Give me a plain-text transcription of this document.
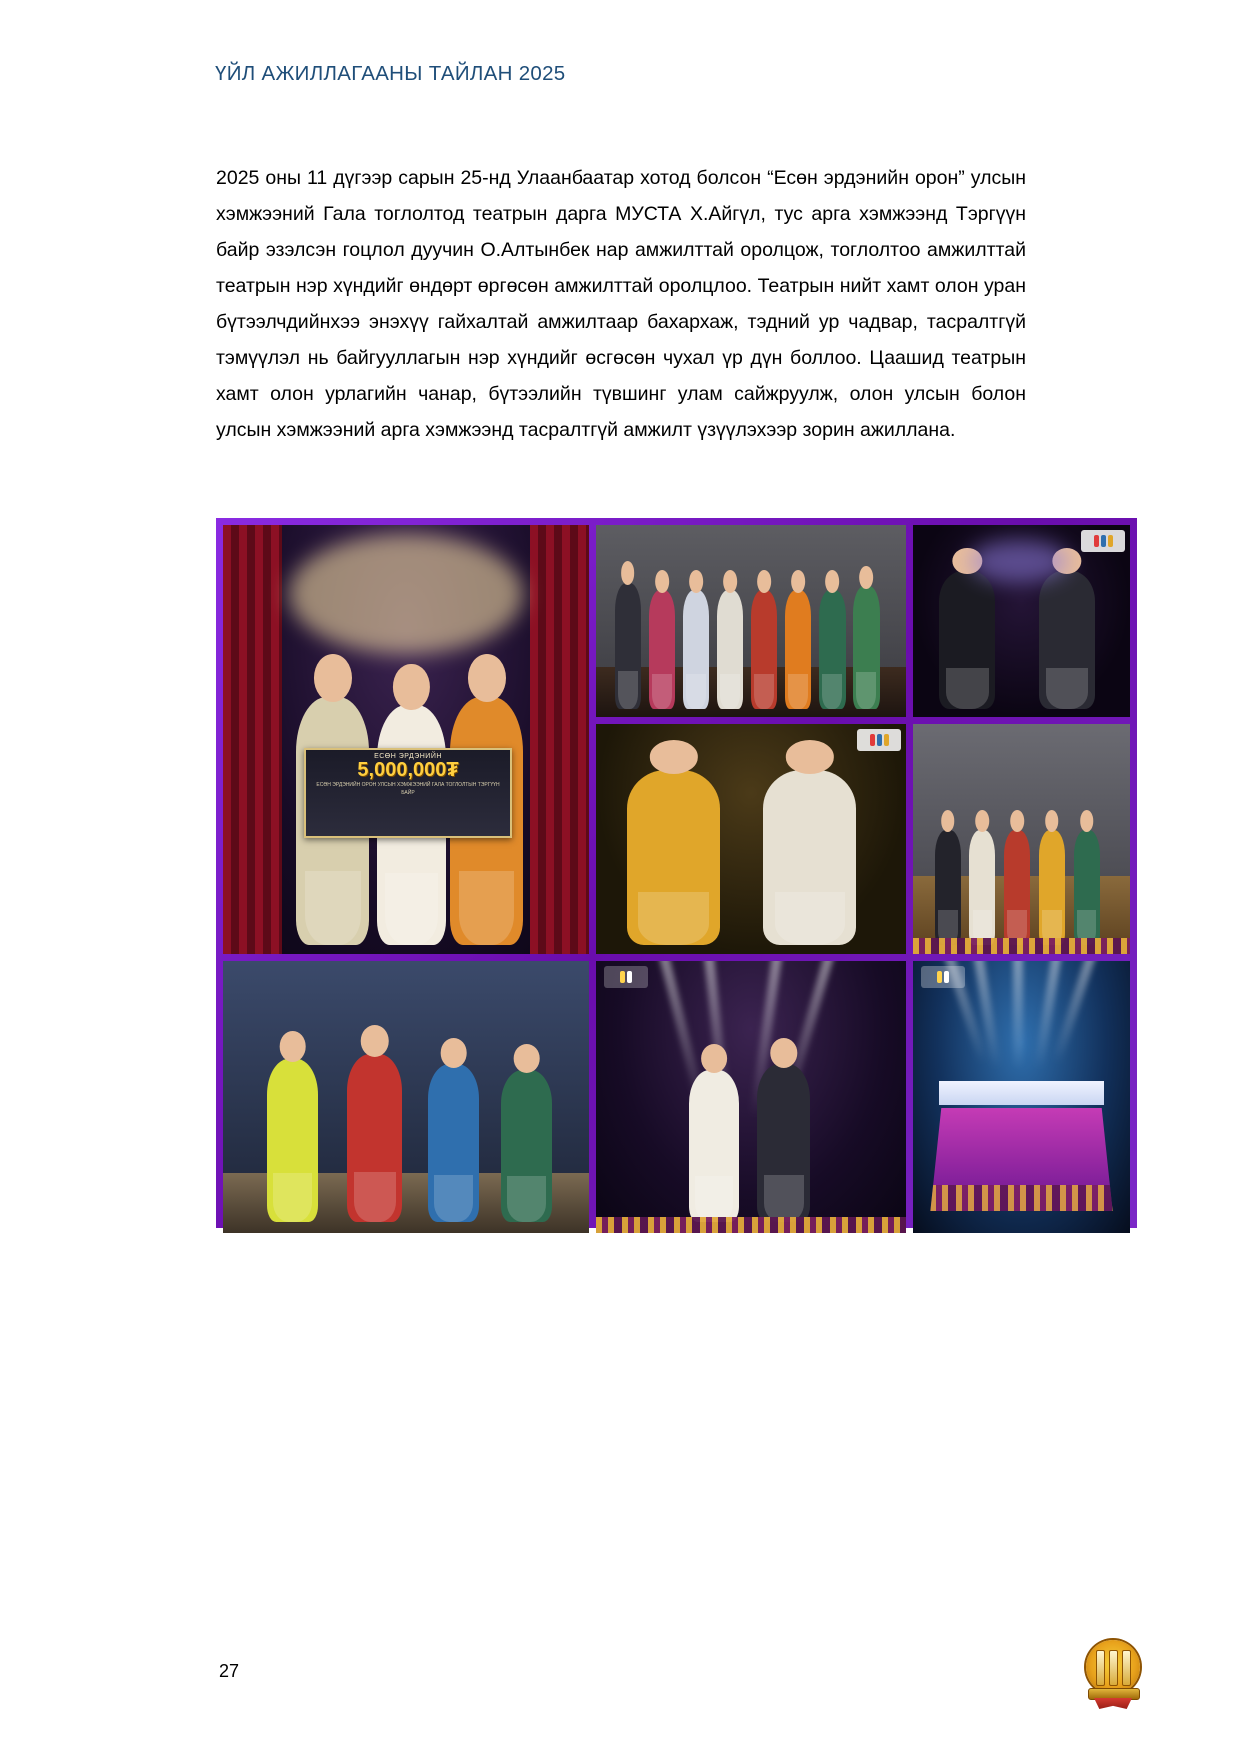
ҮЙЛ АЖИЛЛАГААНЫ ТАЙЛАН 2025
2025 оны 11 дүгээр сарын 25-нд Улаанбаатар хотод болсон “Есөн эрдэнийн орон” улсын хэмжээний Гала тоглолтод театрын дарга МУСТА Х.Айгүл, тус арга хэмжээнд Тэргүүн байр эзэлсэн гоцлол дуучин О.Алтынбек нар амжилттай оролцож, тоглолтоо амжилттай театрын нэр хүндийг өндөрт өргөсөн амжилттай оролцлоо. Театрын нийт хамт олон уран бүтээлчдийнхээ энэхүү гайхалтай амжилтаар бахархаж, тэдний ур чадвар, тасралтгүй тэмүүлэл нь байгууллагын нэр хүндийг өсгөсөн чухал үр дүн боллоо. Цаашид театрын хамт олон урлагийн чанар, бүтээлийн түвшинг улам сайжруулж, олон улсын болон улсын хэмжээний арга хэмжээнд тасралтгүй амжилт үзүүлэхээр зорин ажиллана.
ЕСӨН ЭРДЭНИЙН
5,000,000₮
ЕСӨН ЭРДЭНИЙН ОРОН УЛСЫН ХЭМЖЭЭНИЙ ГАЛА ТОГЛОЛТЫН ТЭРГҮҮН БАЙР
27
